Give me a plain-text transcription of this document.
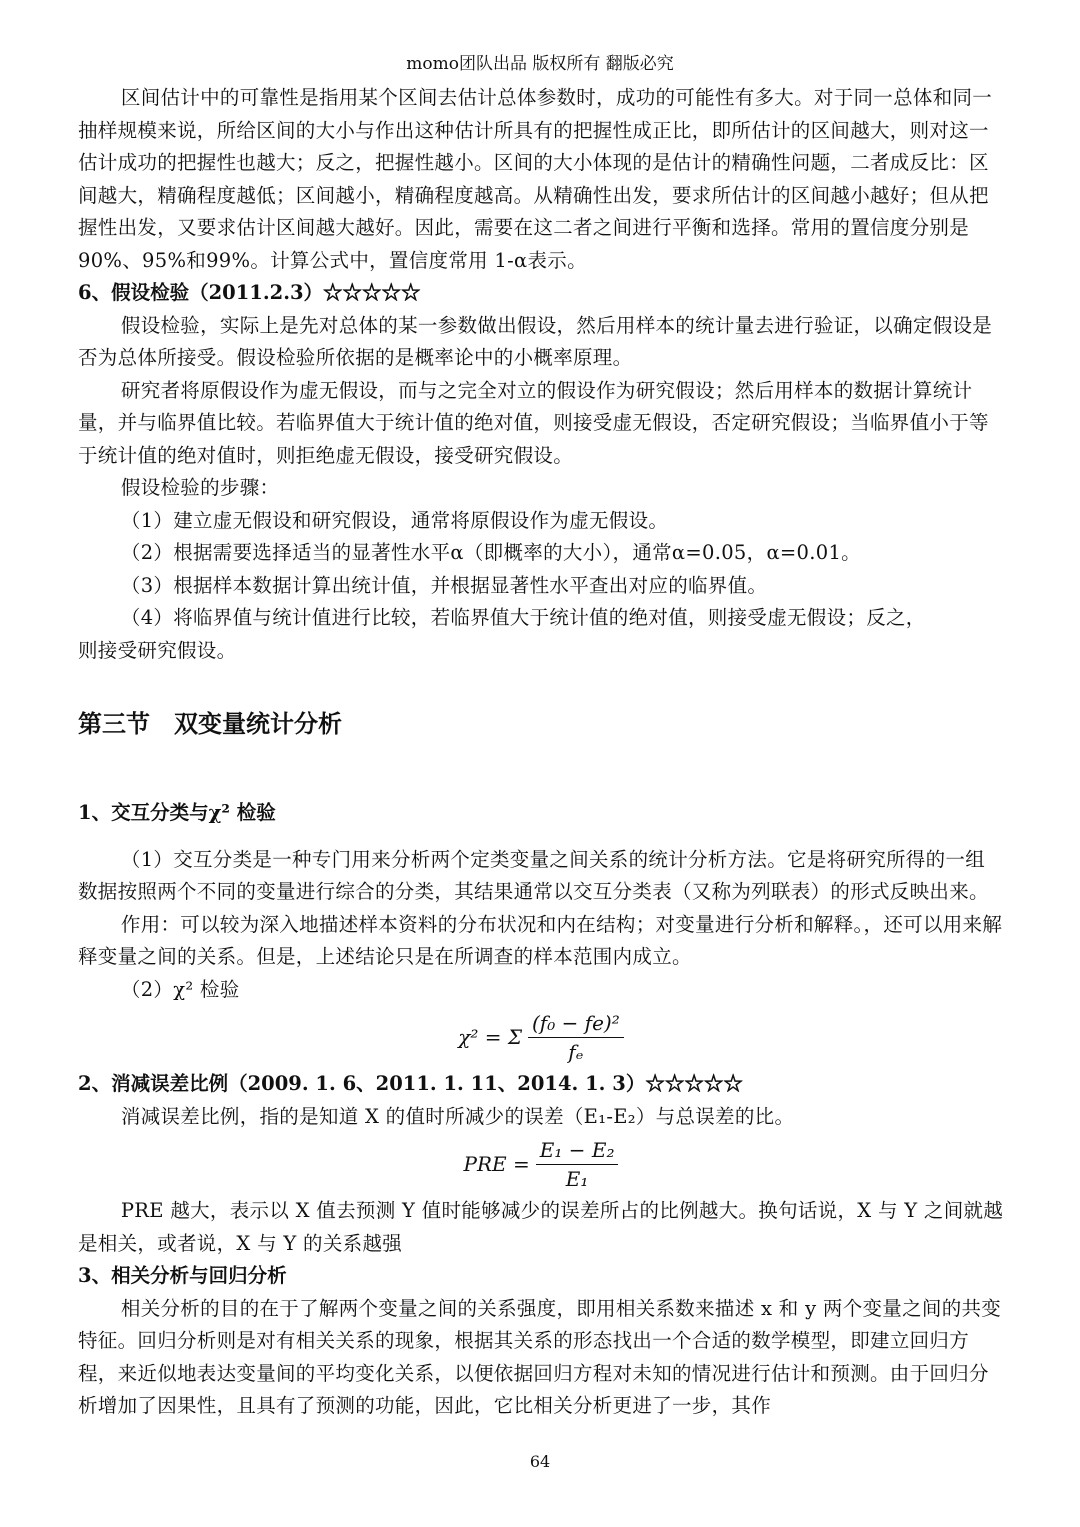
momo团队出品 版权所有 翻版必究

区间估计中的可靠性是指用某个区间去估计总体参数时，成功的可能性有多大。对于同一总体和同一抽样规模来说，所给区间的大小与作出这种估计所具有的把握性成正比，即所估计的区间越大，则对这一估计成功的把握性也越大；反之，把握性越小。区间的大小体现的是估计的精确性问题，二者成反比：区间越大，精确程度越低；区间越小，精确程度越高。从精确性出发，要求所估计的区间越小越好；但从把握性出发，又要求估计区间越大越好。因此，需要在这二者之间进行平衡和选择。常用的置信度分别是90%、95%和99%。计算公式中，置信度常用 1-α表示。

6、假设检验（2011.2.3）☆☆☆☆☆

假设检验，实际上是先对总体的某一参数做出假设，然后用样本的统计量去进行验证，以确定假设是否为总体所接受。假设检验所依据的是概率论中的小概率原理。

研究者将原假设作为虚无假设，而与之完全对立的假设作为研究假设；然后用样本的数据计算统计量，并与临界值比较。若临界值大于统计值的绝对值，则接受虚无假设，否定研究假设；当临界值小于等于统计值的绝对值时，则拒绝虚无假设，接受研究假设。

假设检验的步骤：

（1）建立虚无假设和研究假设，通常将原假设作为虚无假设。

（2）根据需要选择适当的显著性水平α（即概率的大小），通常α=0.05，α=0.01。

（3）根据样本数据计算出统计值，并根据显著性水平查出对应的临界值。

（4）将临界值与统计值进行比较，若临界值大于统计值的绝对值，则接受虚无假设；反之，

则接受研究假设。

第三节　双变量统计分析
1、交互分类与χ² 检验

（1）交互分类是一种专门用来分析两个定类变量之间关系的统计分析方法。它是将研究所得的一组数据按照两个不同的变量进行综合的分类，其结果通常以交互分类表（又称为列联表）的形式反映出来。

作用：可以较为深入地描述样本资料的分布状况和内在结构；对变量进行分析和解释。，还可以用来解释变量之间的关系。但是，上述结论只是在所调查的样本范围内成立。

（2）χ² 检验

χ² = Σ $\frac{\text{(f₀ − fe)²}}{\text{fₑ}}$
2、消减误差比例（2009. 1. 6、2011. 1. 11、2014. 1. 3）☆☆☆☆☆

消减误差比例，指的是知道 X 的值时所减少的误差（E₁-E₂）与总误差的比。

PRE = $\frac{\text{E₁ − E₂}}{\text{E₁}}$

PRE 越大，表示以 X 值去预测 Y 值时能够减少的误差所占的比例越大。换句话说，X 与 Y 之间就越是相关，或者说，X 与 Y 的关系越强

3、相关分析与回归分析

相关分析的目的在于了解两个变量之间的关系强度，即用相关系数来描述 x 和 y 两个变量之间的共变特征。回归分析则是对有相关关系的现象，根据其关系的形态找出一个合适的数学模型，即建立回归方程，来近似地表达变量间的平均变化关系，以便依据回归方程对未知的情况进行估计和预测。由于回归分析增加了因果性，且具有了预测的功能，因此，它比相关分析更进了一步，其作

64
